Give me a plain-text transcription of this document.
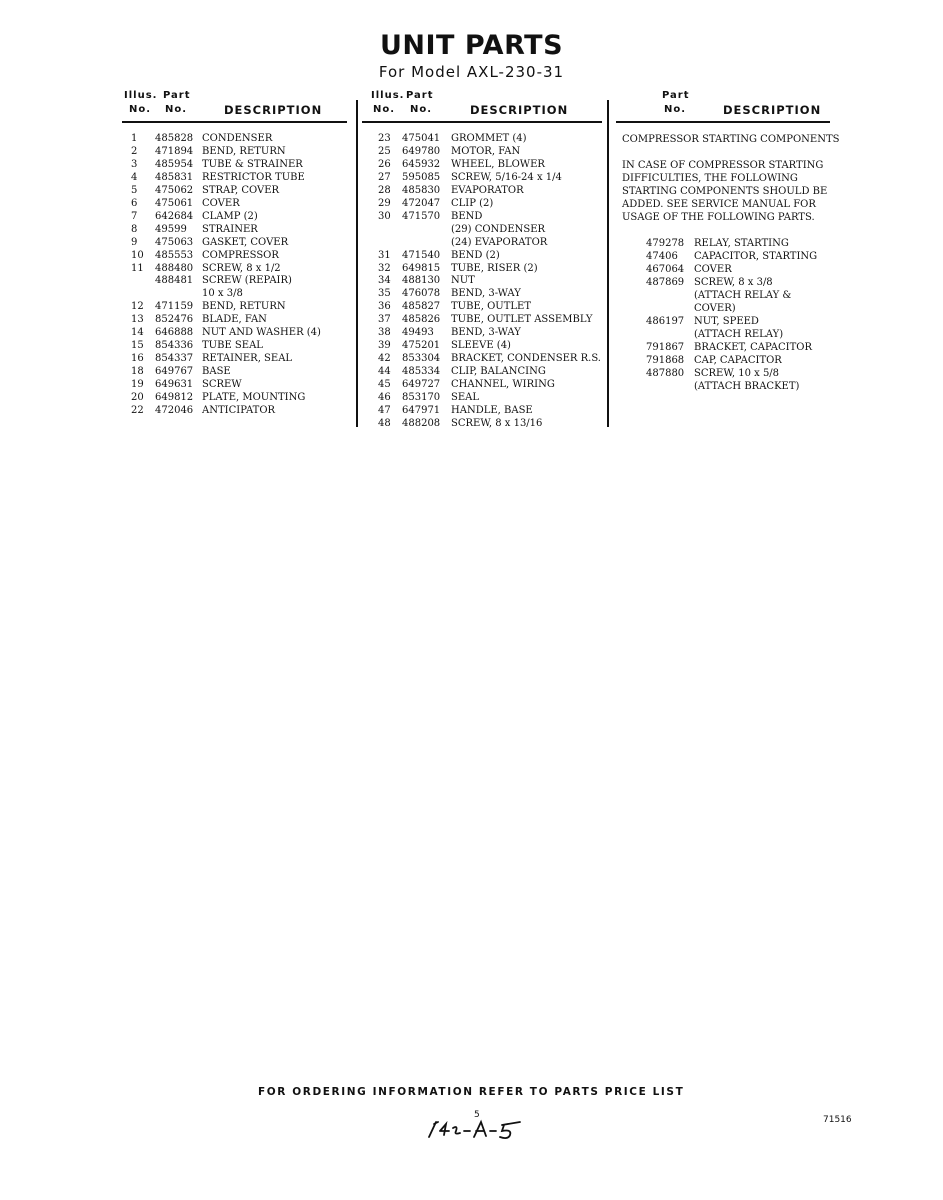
UNIT PARTS
For Model AXL-230-31
Illus. Part
No. No.	DESCRIPTION
Illus. Part
No. No.	DESCRIPTION
Part
No.	DESCRIPTION
1 485828 CONDENSER
2 471894 BEND, RETURN
3 485954 TUBE & STRAINER
4 485831 RESTRICTOR TUBE
5 475062 STRAP, COVER
6 475061 COVER
7 642684 CLAMP (2)
8 49599 STRAINER
9 475063 GASKET, COVER
10 485553 COMPRESSOR
11 488480 SCREW, 8 x 1/2
488481 SCREW (REPAIR)
10 x 3/8
12 471159 BEND, RETURN
13 852476 BLADE, FAN
14 646888 NUT AND WASHER (4)
15 854336 TUBE SEAL
16 854337 RETAINER, SEAL
18 649767 BASE
19 649631 SCREW
20 649812 PLATE, MOUNTING
22 472046 ANTICIPATOR
23 475041 GROMMET (4)
25 649780 MOTOR, FAN
26 645932 WHEEL, BLOWER
27 595085 SCREW, 5/16-24 x 1/4
28 485830 EVAPORATOR
29 472047 CLIP (2)
30 471570 BEND
(29) CONDENSER
(24) EVAPORATOR
31 471540 BEND (2)
32 649815 TUBE, RISER (2)
34 488130 NUT
35 476078 BEND, 3-WAY
36 485827 TUBE, OUTLET
37 485826 TUBE, OUTLET ASSEMBLY
38 49493 BEND, 3-WAY
39 475201 SLEEVE (4)
42 853304 BRACKET, CONDENSER R.S.
44 485334 CLIP, BALANCING
45 649727 CHANNEL, WIRING
46 853170 SEAL
47 647971 HANDLE, BASE
48 488208 SCREW, 8 x 13/16
COMPRESSOR STARTING COMPONENTS
IN CASE OF COMPRESSOR STARTING
DIFFICULTIES, THE FOLLOWING
STARTING COMPONENTS SHOULD BE
ADDED. SEE SERVICE MANUAL FOR
USAGE OF THE FOLLOWING PARTS.
479278 RELAY, STARTING
47406 CAPACITOR, STARTING
467064 COVER
487869 SCREW, 8 x 3/8
(ATTACH RELAY &
COVER)
486197 NUT, SPEED
(ATTACH RELAY)
791867 BRACKET, CAPACITOR
791868 CAP, CAPACITOR
487880 SCREW, 10 x 5/8
(ATTACH BRACKET)
FOR ORDERING INFORMATION REFER TO PARTS PRICE LIST
5	71516
